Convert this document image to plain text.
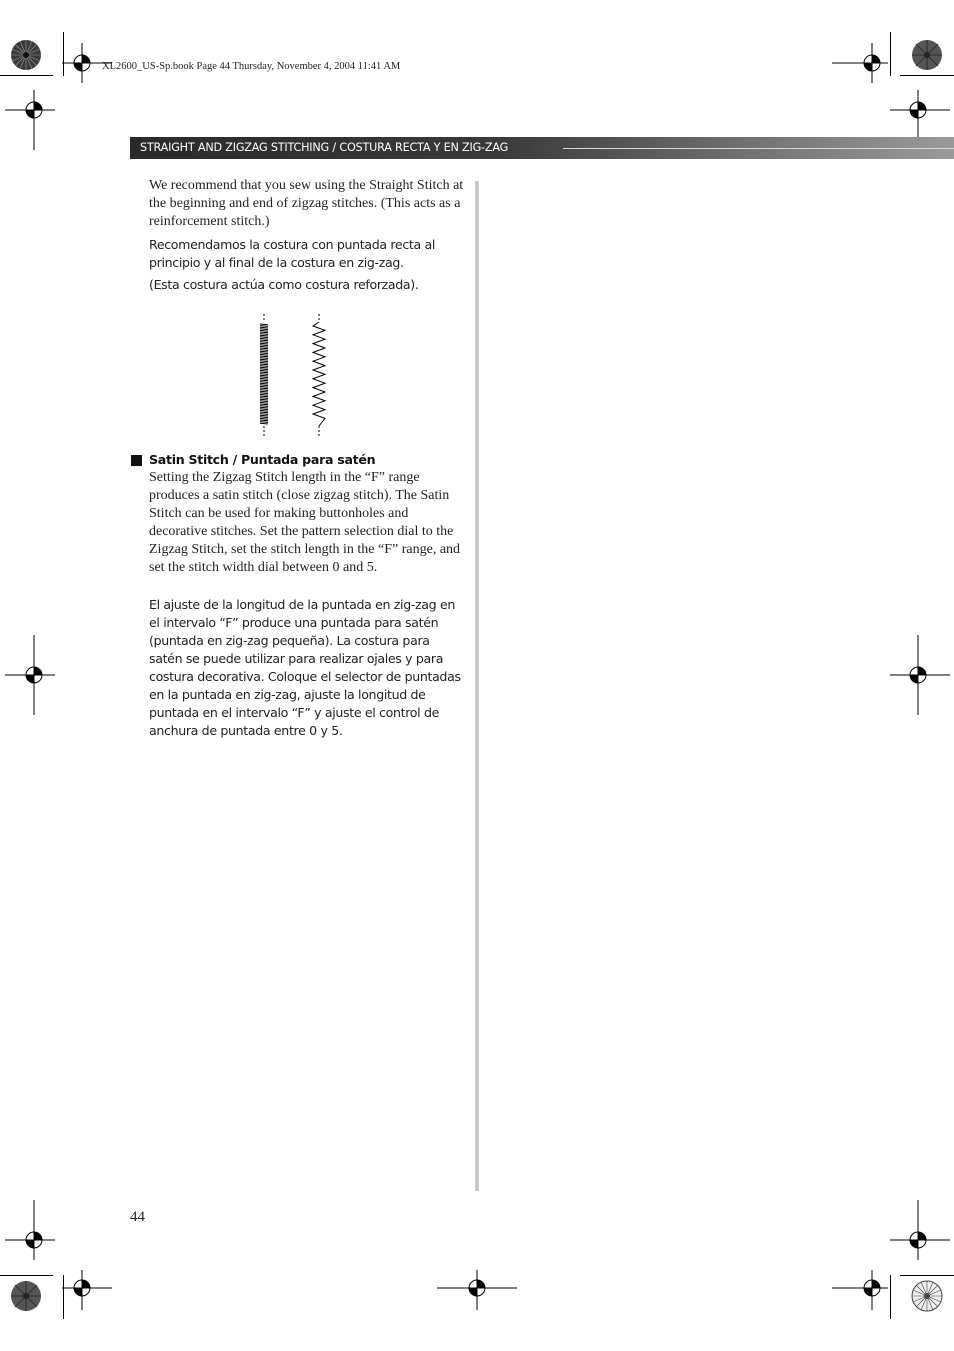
XL2600_US-Sp.book Page 44 Thursday, November 4, 2004 11:41 AM
STRAIGHT AND ZIGZAG STITCHING / COSTURA RECTA Y EN ZIG-ZAG

We recommend that you sew using the Straight Stitch at the beginning and end of zigzag stitches. (This acts as a reinforcement stitch.)

Recomendamos la costura con puntada recta al principio y al final de la costura en zig-zag.

(Esta costura actúa como costura reforzada).

Satin Stitch / Puntada para satén

Setting the Zigzag Stitch length in the “F” range produces a satin stitch (close zigzag stitch). The Satin Stitch can be used for making buttonholes and decorative stitches. Set the pattern selection dial to the Zigzag Stitch, set the stitch length in the “F” range, and set the stitch width dial between 0 and 5.

El ajuste de la longitud de la puntada en zig-zag en el intervalo “F” produce una puntada para satén (puntada en zig-zag pequeña). La costura para satén se puede utilizar para realizar ojales y para costura decorativa. Coloque el selector de puntadas en la puntada en zig-zag, ajuste la longitud de puntada en el intervalo “F” y ajuste el control de anchura de puntada entre 0 y 5.

44
